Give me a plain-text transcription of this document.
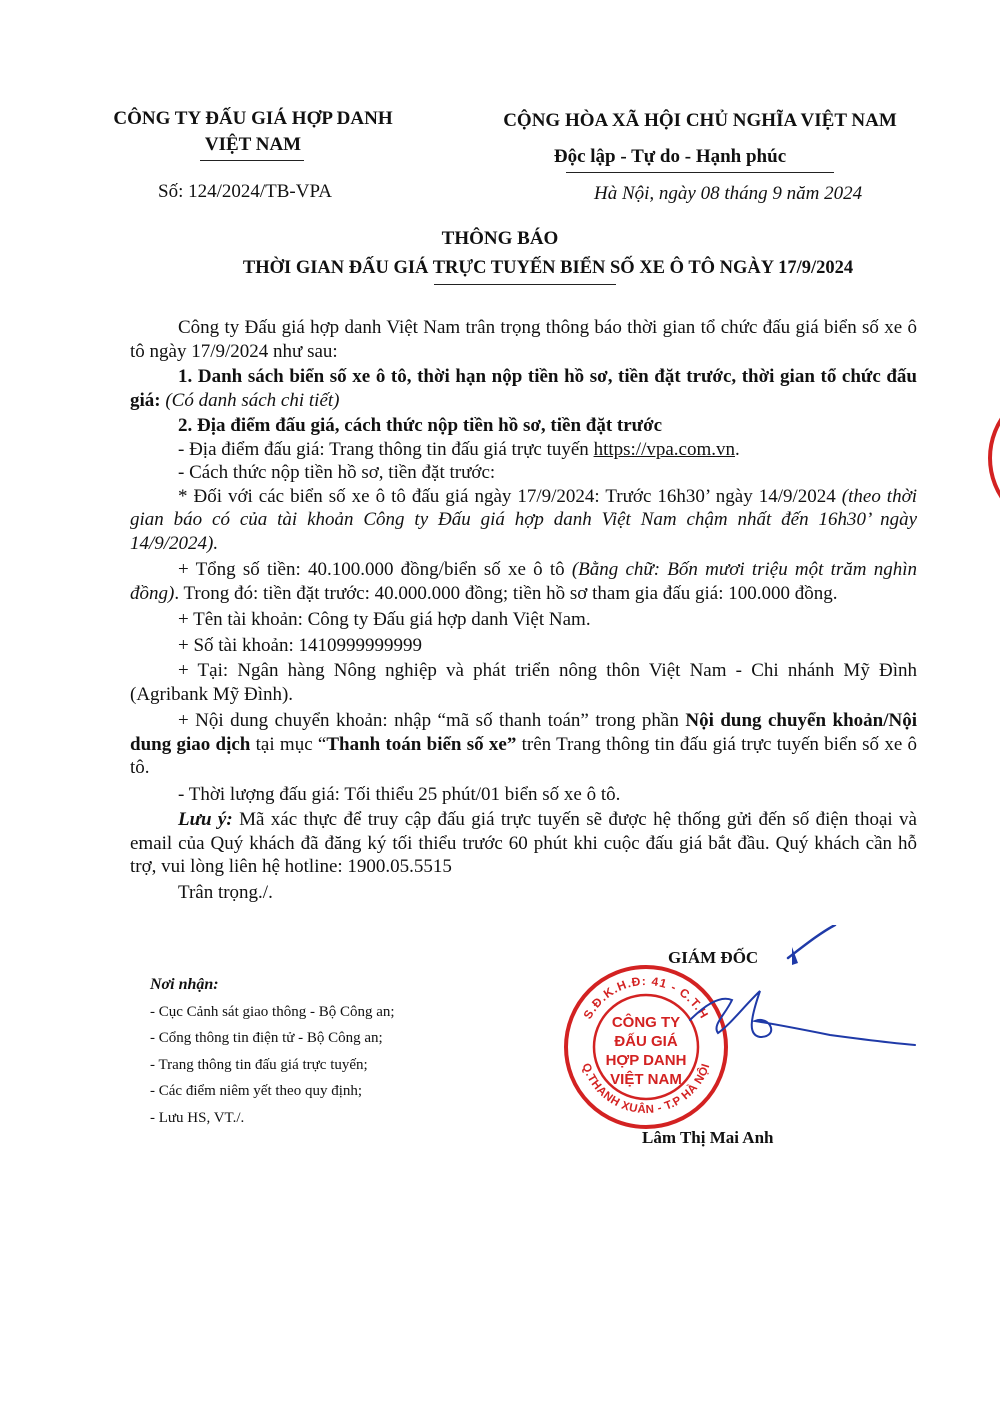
CÔNG TY ĐẤU GIÁ HỢP DANH
VIỆT NAM
Số: 124/2024/TB-VPA
CỘNG HÒA XÃ HỘI CHỦ NGHĨA VIỆT NAM
Độc lập - Tự do - Hạnh phúc
Hà Nội, ngày 08 tháng 9 năm 2024
THÔNG BÁO
THỜI GIAN ĐẤU GIÁ TRỰC TUYẾN BIỂN SỐ XE Ô TÔ NGÀY 17/9/2024

Công ty Đấu giá hợp danh Việt Nam trân trọng thông báo thời gian tổ chức đấu giá biển số xe ô tô ngày 17/9/2024 như sau:

1. Danh sách biển số xe ô tô, thời hạn nộp tiền hồ sơ, tiền đặt trước, thời gian tổ chức đấu giá: (Có danh sách chi tiết)

2. Địa điểm đấu giá, cách thức nộp tiền hồ sơ, tiền đặt trước

- Địa điểm đấu giá: Trang thông tin đấu giá trực tuyến https://vpa.com.vn.

- Cách thức nộp tiền hồ sơ, tiền đặt trước:

* Đối với các biển số xe ô tô đấu giá ngày 17/9/2024: Trước 16h30’ ngày 14/9/2024 (theo thời gian báo có của tài khoản Công ty Đấu giá hợp danh Việt Nam chậm nhất đến 16h30’ ngày 14/9/2024).

+ Tổng số tiền: 40.100.000 đồng/biển số xe ô tô (Bằng chữ: Bốn mươi triệu một trăm nghìn đồng). Trong đó: tiền đặt trước: 40.000.000 đồng; tiền hồ sơ tham gia đấu giá: 100.000 đồng.

+ Tên tài khoản: Công ty Đấu giá hợp danh Việt Nam.

+ Số tài khoản: 1410999999999

+ Tại: Ngân hàng Nông nghiệp và phát triển nông thôn Việt Nam - Chi nhánh Mỹ Đình (Agribank Mỹ Đình).

+ Nội dung chuyển khoản: nhập “mã số thanh toán” trong phần Nội dung chuyển khoản/Nội dung giao dịch tại mục “Thanh toán biển số xe” trên Trang thông tin đấu giá trực tuyến biển số xe ô tô.

- Thời lượng đấu giá: Tối thiểu 25 phút/01 biển số xe ô tô.

Lưu ý: Mã xác thực để truy cập đấu giá trực tuyến sẽ được hệ thống gửi đến số điện thoại và email của Quý khách đã đăng ký tối thiểu trước 60 phút khi cuộc đấu giá bắt đầu. Quý khách cần hỗ trợ, vui lòng liên hệ hotline: 1900.05.5515

Trân trọng./.

Nơi nhận:
- Cục Cảnh sát giao thông - Bộ Công an;
- Cổng thông tin điện tử - Bộ Công an;
- Trang thông tin đấu giá trực tuyến;
- Các điểm niêm yết theo quy định;
- Lưu HS, VT./.
GIÁM ĐỐC
S.Đ.K.H.Đ: 41 - C.T.H
Q.THANH XUÂN - T.P HÀ NỘI
CÔNG TY
ĐẤU GIÁ
HỢP DANH
VIỆT NAM
Lâm Thị Mai Anh
